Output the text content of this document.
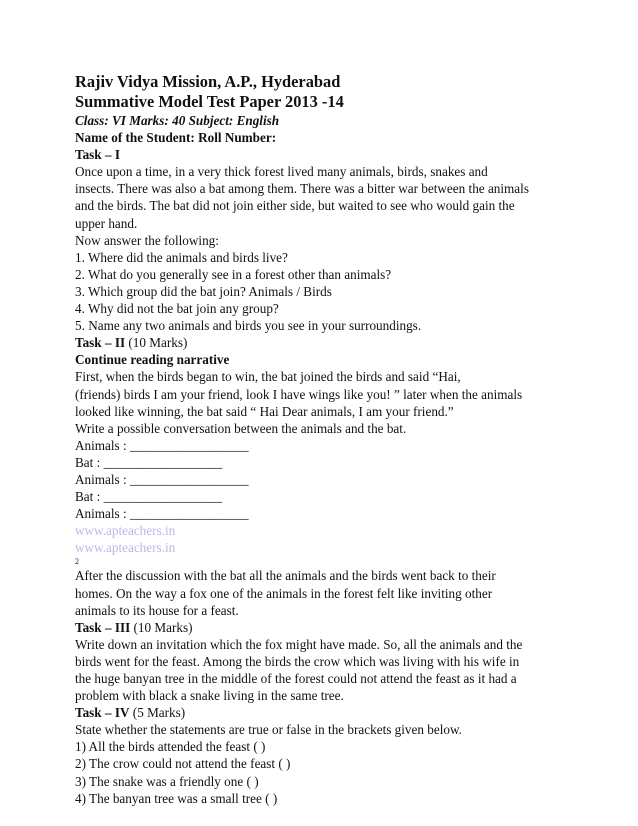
Rajiv Vidya Mission, A.P., Hyderabad
Summative Model Test Paper 2013 -14
Class: VI Marks: 40 Subject: English
Name of the Student: Roll Number:
Task – I
Once upon a time, in a very thick forest lived many animals, birds, snakes and
insects. There was also a bat among them. There was a bitter war between the animals
and the birds. The bat did not join either side, but waited to see who would gain the
upper hand.
Now answer the following:
1. Where did the animals and birds live?
2. What do you generally see in a forest other than animals?
3. Which group did the bat join? Animals / Birds
4. Why did not the bat join any group?
5. Name any two animals and birds you see in your surroundings.
Task – II (10 Marks)
Continue reading narrative
First, when the birds began to win, the bat joined the birds and said “Hai,
(friends) birds I am your friend, look I have wings like you! ” later when the animals
looked like winning, the bat said “ Hai Dear animals, I am your friend.”
Write a possible conversation between the animals and the bat.
Animals : __________________
Bat : __________________
Animals : __________________
Bat : __________________
Animals : __________________
www.apteachers.in
www.apteachers.in
2
After the discussion with the bat all the animals and the birds went back to their
homes. On the way a fox one of the animals in the forest felt like inviting other
animals to its house for a feast.
Task – III (10 Marks)
Write down an invitation which the fox might have made. So, all the animals and the
birds went for the feast. Among the birds the crow which was living with his wife in
the huge banyan tree in the middle of the forest could not attend the feast as it had a
problem with black a snake living in the same tree.
Task – IV (5 Marks)
State whether the statements are true or false in the brackets given below.
1) All the birds attended the feast ( )
2) The crow could not attend the feast ( )
3) The snake was a friendly one ( )
4) The banyan tree was a small tree ( )
